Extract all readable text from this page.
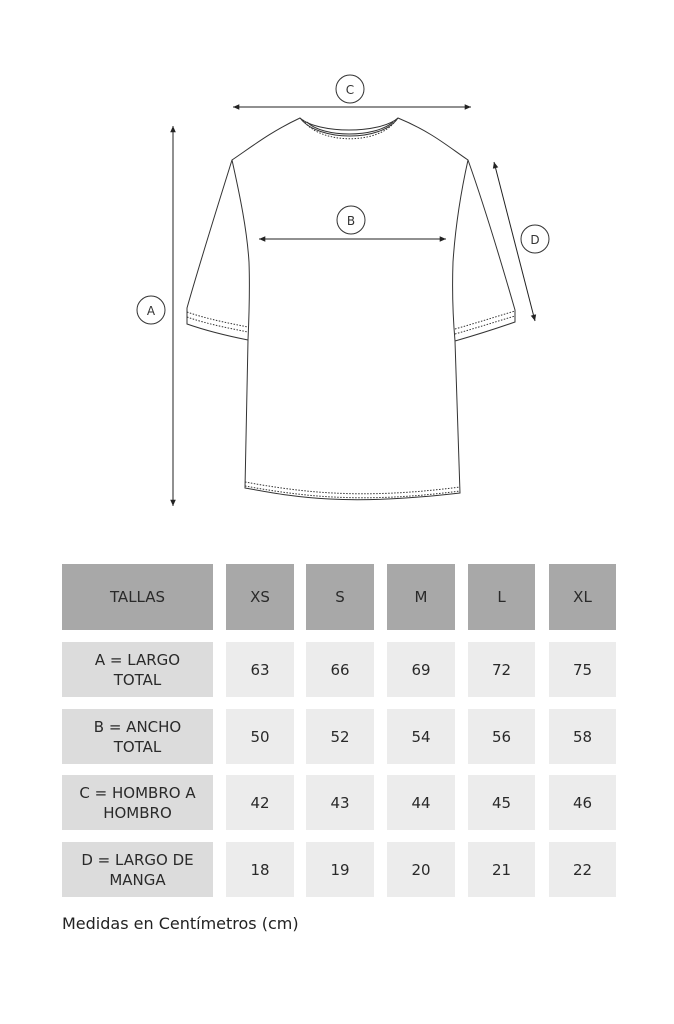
C
B
D
A
TALLAS	XS	S	M	L	XL
A = LARGO
TOTAL
63	66	69	72	75
B = ANCHO
TOTAL
50	52	54	56	58
C = HOMBRO A
HOMBRO
42	43	44	45	46
D = LARGO DE
MANGA
18	19	20	21	22
Medidas en Centímetros (cm)
